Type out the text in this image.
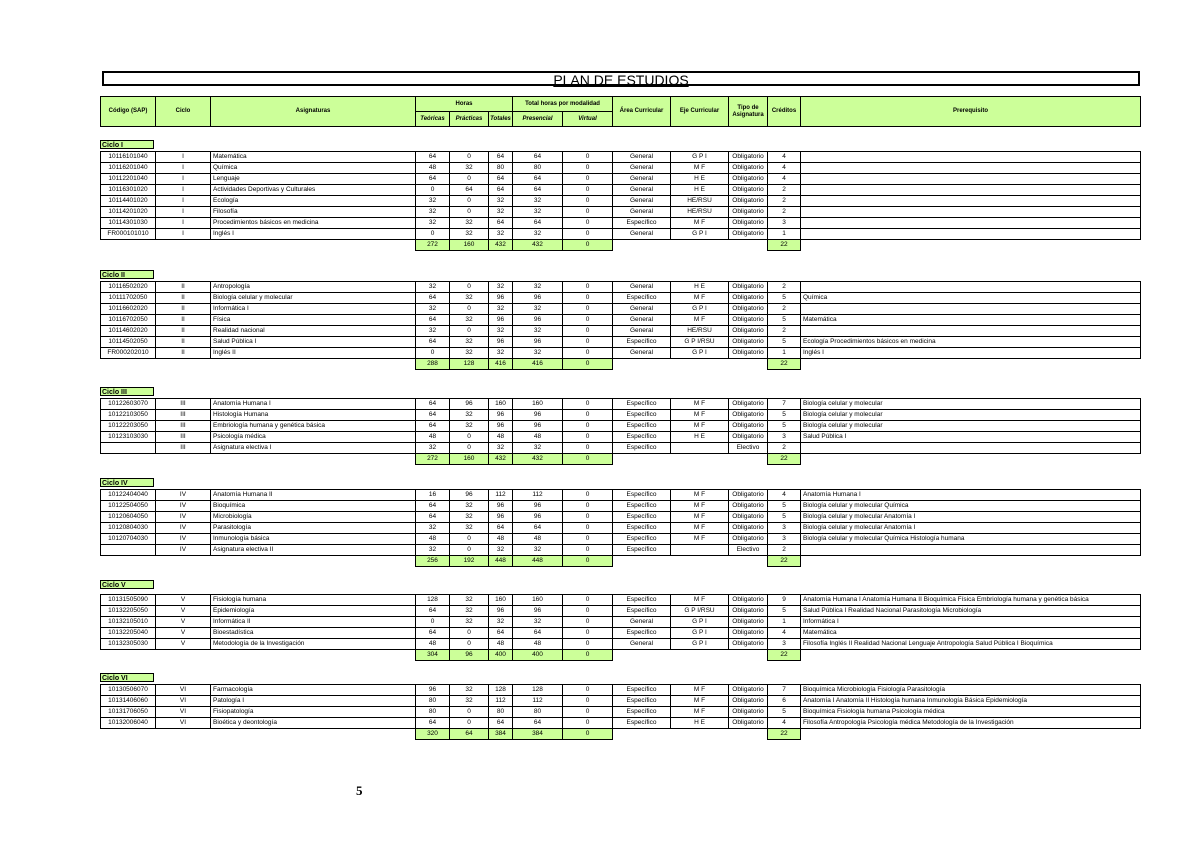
PLAN DE ESTUDIOS
Código (SAP)	Ciclo	Asignaturas	Horas			Total horas por modalidad		Área Curricular	Eje Curricular	Tipo de Asignatura	Créditos	Prerequisito
			Teóricas	Prácticas	Totales	Presencial	Virtual					
Ciclo I
10116101040	I	Matemática	64	0	64	64	0	General	G P I	Obligatorio	4	
10116201040	I	Química	48	32	80	80	0	General	M F	Obligatorio	4	
10112201040	I	Lenguaje	64	0	64	64	0	General	H E	Obligatorio	4	
10116301020	I	Actividades Deportivas y Culturales	0	64	64	64	0	General	H E	Obligatorio	2	
10114401020	I	Ecología	32	0	32	32	0	General	HE/RSU	Obligatorio	2	
10114201020	I	Filosofía	32	0	32	32	0	General	HE/RSU	Obligatorio	2	
10114301030	I	Procedimientos básicos en medicina	32	32	64	64	0	Específico	M F	Obligatorio	3	
FR000101010	I	Inglés I	0	32	32	32	0	General	G P I	Obligatorio	1	
			272	160	432	432	0				22	
Ciclo II
10116502020	II	Antropología	32	0	32	32	0	General	H E	Obligatorio	2	
10111702050	II	Biología celular y molecular	64	32	96	96	0	Específico	M F	Obligatorio	5	Química
10116602020	II	Informática I	32	0	32	32	0	General	G P I	Obligatorio	2	
10116702050	II	Física	64	32	96	96	0	General	M F	Obligatorio	5	Matemática
10114602020	II	Realidad nacional	32	0	32	32	0	General	HE/RSU	Obligatorio	2	
10114502050	II	Salud Pública I	64	32	96	96	0	Específico	G P I/RSU	Obligatorio	5	Ecología Procedimientos básicos en medicina
FR000202010	II	Inglés II	0	32	32	32	0	General	G P I	Obligatorio	1	Inglés I
			288	128	416	416	0				22	
Ciclo III
10122603070	III	Anatomía Humana I	64	96	160	160	0	Específico	M F	Obligatorio	7	Biología celular y molecular
10122103050	III	Histología Humana	64	32	96	96	0	Específico	M F	Obligatorio	5	Biología celular y molecular
10122203050	III	Embriología humana y genética básica	64	32	96	96	0	Específico	M F	Obligatorio	5	Biología celular y molecular
10123103030	III	Psicología médica	48	0	48	48	0	Específico	H E	Obligatorio	3	Salud Pública I
	III	Asignatura electiva I	32	0	32	32	0	Específico		Electivo	2	
			272	160	432	432	0				22	
Ciclo IV
10122404040	IV	Anatomía Humana II	16	96	112	112	0	Específico	M F	Obligatorio	4	Anatomía Humana I
10122504050	IV	Bioquímica	64	32	96	96	0	Específico	M F	Obligatorio	5	Biología celular y molecular Química
10120604050	IV	Microbiología	64	32	96	96	0	Específico	M F	Obligatorio	5	Biología celular y molecular Anatomía I
10120804030	IV	Parasitología	32	32	64	64	0	Específico	M F	Obligatorio	3	Biología celular y molecular Anatomía I
10120704030	IV	Inmunología básica	48	0	48	48	0	Específico	M F	Obligatorio	3	Biología celular y molecular Química Histología humana
	IV	Asignatura electiva II	32	0	32	32	0	Específico		Electivo	2	
			256	192	448	448	0				22	
Ciclo V
10131505090	V	Fisiología humana	128	32	160	160	0	Específico	M F	Obligatorio	9	Anatomía Humana I Anatomía Humana II Bioquímica Física Embriología humana y genética básica
10132205050	V	Epidemiología	64	32	96	96	0	Específico	G P I/RSU	Obligatorio	5	Salud Pública I Realidad Nacional Parasitología Microbiología
10132105010	V	Informática II	0	32	32	32	0	General	G P I	Obligatorio	1	Informática I
10132205040	V	Bioestadística	64	0	64	64	0	Específico	G P I	Obligatorio	4	Matemática
10132305030	V	Metodología de la Investigación	48	0	48	48	0	General	G P I	Obligatorio	3	Filosofía Inglés II Realidad Nacional Lenguaje Antropología Salud Pública I Bioquímica
			304	96	400	400	0				22	
Ciclo VI
10130506070	VI	Farmacología	96	32	128	128	0	Específico	M F	Obligatorio	7	Bioquímica Microbiología Fisiología Parasitología
10131406060	VI	Patología I	80	32	112	112	0	Específico	M F	Obligatorio	6	Anatomía I Anatomía II Histología humana Inmunología Básica Epidemiología
10131706050	VI	Fisiopatología	80	0	80	80	0	Específico	M F	Obligatorio	5	Bioquímica Fisiología humana Psicología médica
10132006040	VI	Bioética y deontología	64	0	64	64	0	Específico	H E	Obligatorio	4	Filosofía Antropología Psicología médica Metodología de la Investigación
			320	64	384	384	0				22	
5
